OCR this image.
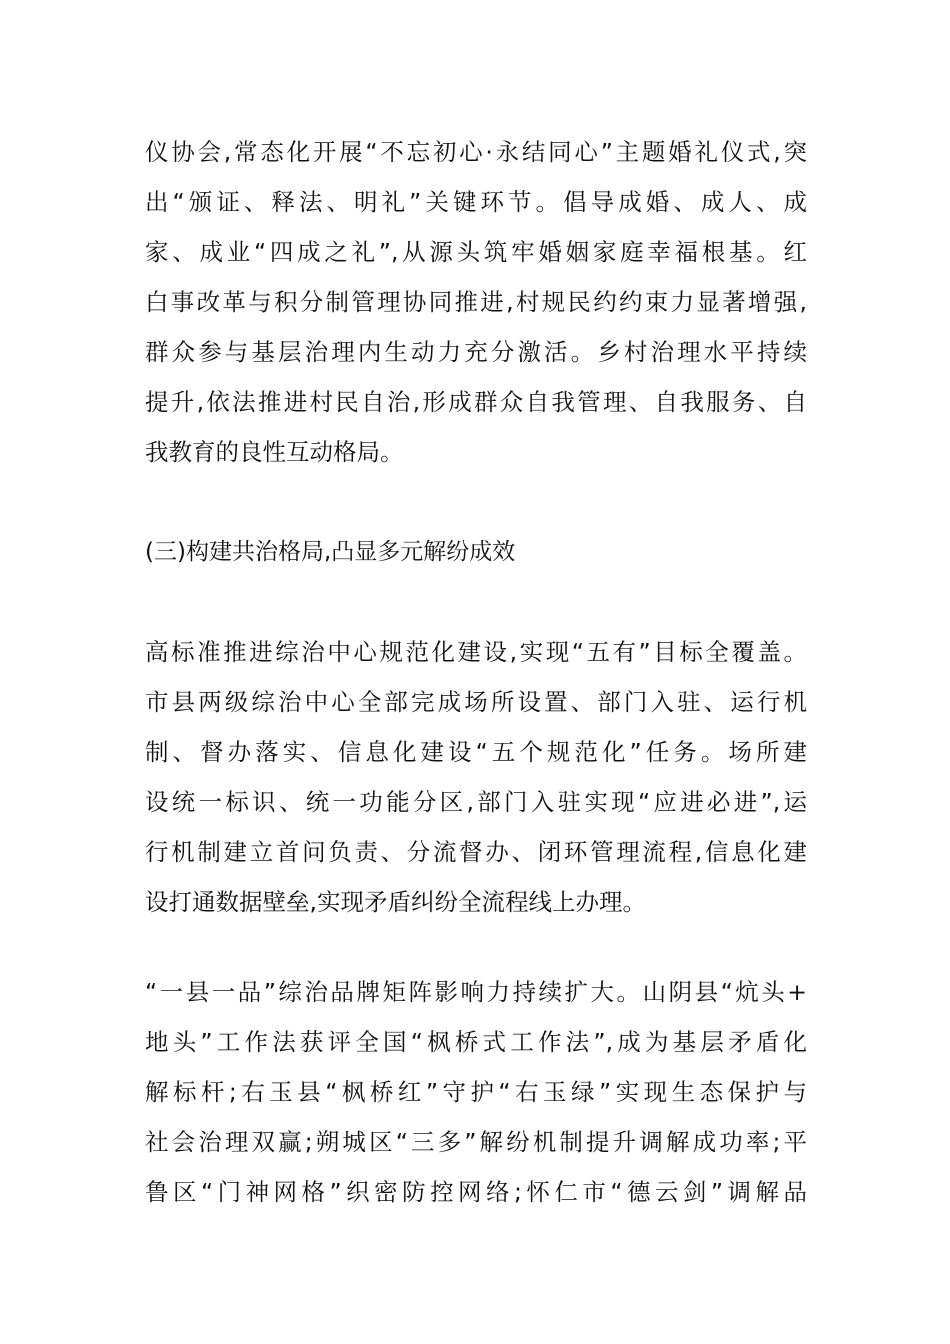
仪协会,常态化开展“不忘初心·永结同心”主题婚礼仪式,突
出“颁证、释法、明礼”关键环节。倡导成婚、成人、成
家、成业“四成之礼”,从源头筑牢婚姻家庭幸福根基。红
白事改革与积分制管理协同推进,村规民约约束力显著增强,
群众参与基层治理内生动力充分激活。乡村治理水平持续
提升,依法推进村民自治,形成群众自我管理、自我服务、自
我教育的良性互动格局。
(三)构建共治格局,凸显多元解纷成效
高标准推进综治中心规范化建设,实现“五有”目标全覆盖。
市县两级综治中心全部完成场所设置、部门入驻、运行机
制、督办落实、信息化建设“五个规范化”任务。场所建
设统一标识、统一功能分区,部门入驻实现“应进必进”,运
行机制建立首问负责、分流督办、闭环管理流程,信息化建
设打通数据壁垒,实现矛盾纠纷全流程线上办理。
“一县一品”综治品牌矩阵影响力持续扩大。山阴县“炕头+
地头”工作法获评全国“枫桥式工作法”,成为基层矛盾化
解标杆;右玉县“枫桥红”守护“右玉绿”实现生态保护与
社会治理双赢;朔城区“三多”解纷机制提升调解成功率;平
鲁区“门神网格”织密防控网络;怀仁市“德云剑”调解品
